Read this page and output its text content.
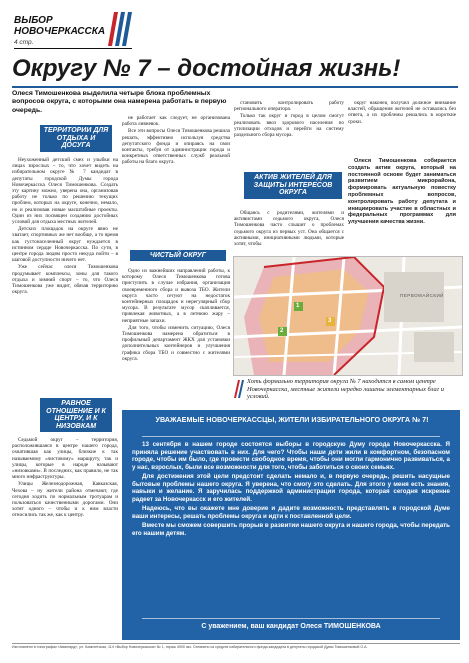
ВЫБОР
НОВОЧЕРКАССКА
4 стр.
Округу № 7 – достойная жизнь!
Олеся Тимошенкова выделила четыре блока проблемных вопросов округа, с которыми она намерена работать в первую очередь.
ТЕРРИТОРИИ ДЛЯ ОТДЫХА И ДОСУГА

Неухоженный детский смех и улыбки на лицах взрослых – то, что хочет видеть на избирательном округе № 7 кандидат в депутаты городской Думы города Новочеркасска Олеся Тимошенкова. Создать эту картину можно, уверена она, организовав работу не только по решению текущих проблем, которых на округе, конечно, немало, но и реализовав новые масштабные проекты. Один из них посвящен созданию достойных условий для отдыха местных жителей.

Детских площадок на округе явно не хватает, спортивных же нет вообще, а то время как густонаселенный округ нуждается в истинном сердце Новочеркасска. По сути, в центре города людям просто некуда пойти – в шаговой доступности ничего нет.

Уже сейчас олеся Тимошенкова продумывает комплексы, зоны для такого отдыха и зимний спорт – то, что Олеся Тимошенкова уже видит, обязав территорию округа.

РАВНОЕ ОТНОШЕНИЕ И К ЦЕНТРУ, И К НИЗОВКАМ

Седьмой округ – территория, расположившаяся в центре нашего города, охватившая как улицы, близкие к так называемому «чистовому» маршруту, так и улицы, которые в народе называют «низовками». В последних, как правило, не так много инфраструктуры.

Улицы Железнодорожная, Кавказская, Чехова – ну жители района отмечают, где сегодня ходить по нормальным тротуарам и пользоваться качественными дорогами. Они хотят одного – чтобы и к ним власти относились так же, как к центру.

не работает как следует, не организована работа ливневок.

Все эти вопросы Олеся Тимошенкова решила решать, эффективно используя средства депутатского фонда и опираясь на свои контакты, требуя от администрации города и конкретных ответственных служб реальной работы на благо округа.

ЧИСТЫЙ ОКРУГ

Одно из важнейших направлений работы, к которому Олеся Тимошенкова готова приступить в случае избрания, организация своевременного сбора и вывоза ТБО. Жители округа часто сетуют на недостаток контейнерных площадок и нерегулярный сбор мусора. В результате мусор скапливается, привлекая животных, а в летнюю жару – неприятные запахи.

Для того, чтобы изменить ситуацию, Олеся Тимошенкова намерена обратиться в профильный департамент ЖКХ для установки дополнительных контейнеров и улучшения графика сбора ТБО и совместно с жителями округа.

становить контролировать работу регионального оператора.

Только так округ и город в целом смогут реализовать ввоз здорового населения по утилизации отходов и перейти на систему раздельного сбора мусора.

АКТИВ ЖИТЕЛЕЙ ДЛЯ ЗАЩИТЫ ИНТЕРЕСОВ ОКРУГА

Общаясь с родителями, жителями и активистами седьмого округа, Олеся Тимошенкова часто слышит о проблемах седьмого округа из первых уст. Она общается с активными, инициативными людьми, которые хотят, чтобы

округ наконец получил должное внимание властей, обращения жителей не оставались без ответа, а их проблемы решались в короткие сроки.

Олеся Тимошенкова собирается создать актив округа, который на постоянной основе будет заниматься развитием микрорайона, формировать актуальную повестку проблемных вопросов, контролировать работу депутата и инициировать участие в областных и федеральных программах для улучшения качества жизни.

ПЕРВОМАЙСКИЙ
1
2
3
Хоть формально территория округа № 7 находится в самом центре Новочеркасска, местные жители нередко лишены элементарных благ и условий.
УВАЖАЕМЫЕ НОВОЧЕРКАССЦЫ, ЖИТЕЛИ ИЗБИРАТЕЛЬНОГО ОКРУГА № 7!

13 сентября в нашем городе состоятся выборы в городскую Думу города Новочеркасска. Я приняла решение участвовать в них. Для чего? Чтобы наши дети жили в комфортном, безопасном городе, чтобы им было, где провести свободное время, чтобы они могли гармонично развиваться, а у нас, взрослых, были все возможности для того, чтобы заботиться о своих семьях.

Для достижения этой цели предстоит сделать немало и, в первую очередь, решить насущные бытовые проблемы нашего округа. Я уверена, что смогу это сделать. Для этого у меня есть знания, навыки и желание. Я заручилась поддержкой администрации города, которая сегодня искренне радеет за Новочеркасск и его жителей.

Надеюсь, что вы окажете мне доверие и дадите возможность представлять в городской Думе ваши интересы, решать проблемы округа и идти к поставленной цели.

Вместе мы сможем совершить прорыв в развитии нашего округа и нашего города, чтобы передать его нашим детям.

С уважением, ваш кандидат Олеся ТИМОШЕНКОВА
Изготовлено в типографии «Авангард», ул. Комитетская, 114 «Выбор Новочеркасска» № 1, тираж 4900 экз. Оплачено из средств избирательного фонда кандидата в депутаты городской Думы Тимошенковой О.А.
